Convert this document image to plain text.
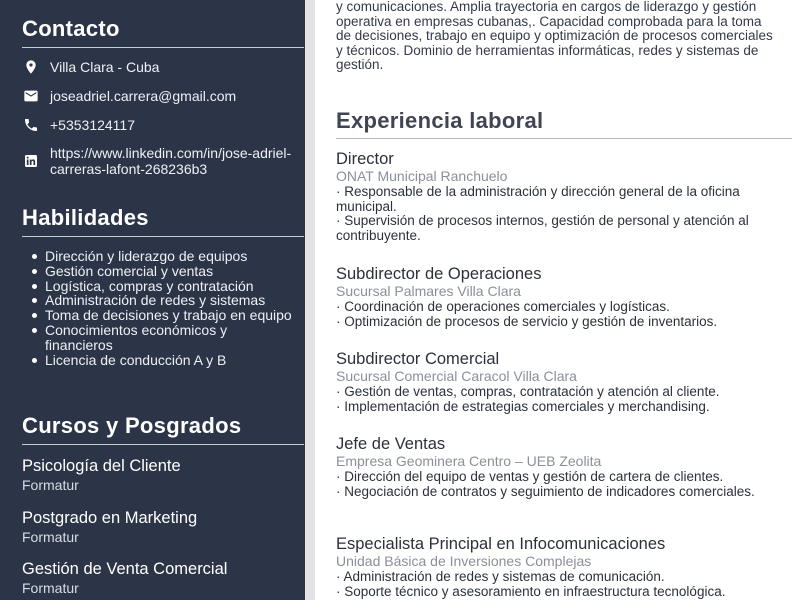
Contacto
Villa Clara - Cuba
joseadriel.carrera@gmail.com
+5353124117
https://www.linkedin.com/in/jose-adriel-carreras-lafont-268236b3
Habilidades
Dirección y liderazgo de equipos
Gestión comercial y ventas
Logística, compras y contratación
Administración de redes y sistemas
Toma de decisiones y trabajo en equipo
Conocimientos económicos y financieros
Licencia de conducción A y B
Cursos y Posgrados
Psicología del Cliente
Formatur
Postgrado en Marketing
Formatur
Gestión de Venta Comercial
Formatur
y comunicaciones. Amplia trayectoria en cargos de liderazgo y gestión operativa en empresas cubanas,. Capacidad comprobada para la toma de decisiones, trabajo en equipo y optimización de procesos comerciales y técnicos. Dominio de herramientas informáticas, redes y sistemas de gestión.
Experiencia laboral
Director
ONAT Municipal Ranchuelo
· Responsable de la administración y dirección general de la oficina municipal.
· Supervisión de procesos internos, gestión de personal y atención al contribuyente.
Subdirector de Operaciones
Sucursal Palmares Villa Clara
· Coordinación de operaciones comerciales y logísticas.
· Optimización de procesos de servicio y gestión de inventarios.
Subdirector Comercial
Sucursal Comercial Caracol Villa Clara
· Gestión de ventas, compras, contratación y atención al cliente.
· Implementación de estrategias comerciales y merchandising.
Jefe de Ventas
Empresa Geominera Centro – UEB Zeolita
· Dirección del equipo de ventas y gestión de cartera de clientes.
· Negociación de contratos y seguimiento de indicadores comerciales.
Especialista Principal en Infocomunicaciones
Unidad Básica de Inversiones Complejas
· Administración de redes y sistemas de comunicación.
· Soporte técnico y asesoramiento en infraestructura tecnológica.
